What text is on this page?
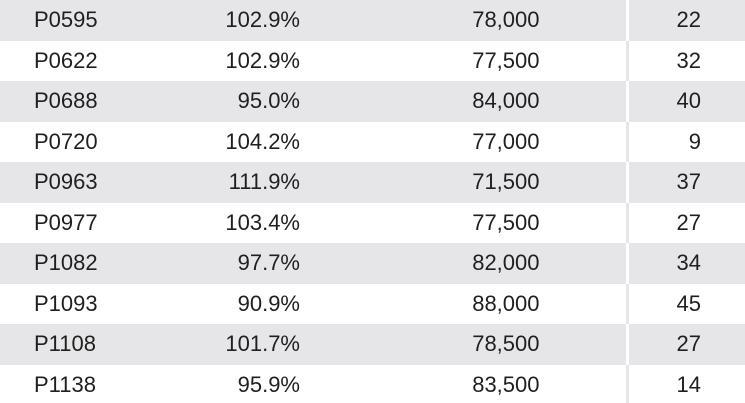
P0595	102.9%	78,000	22
P0622	102.9%	77,500	32
P0688	95.0%	84,000	40
P0720	104.2%	77,000	9
P0963	111.9%	71,500	37
P0977	103.4%	77,500	27
P1082	97.7%	82,000	34
P1093	90.9%	88,000	45
P1108	101.7%	78,500	27
P1138	95.9%	83,500	14
